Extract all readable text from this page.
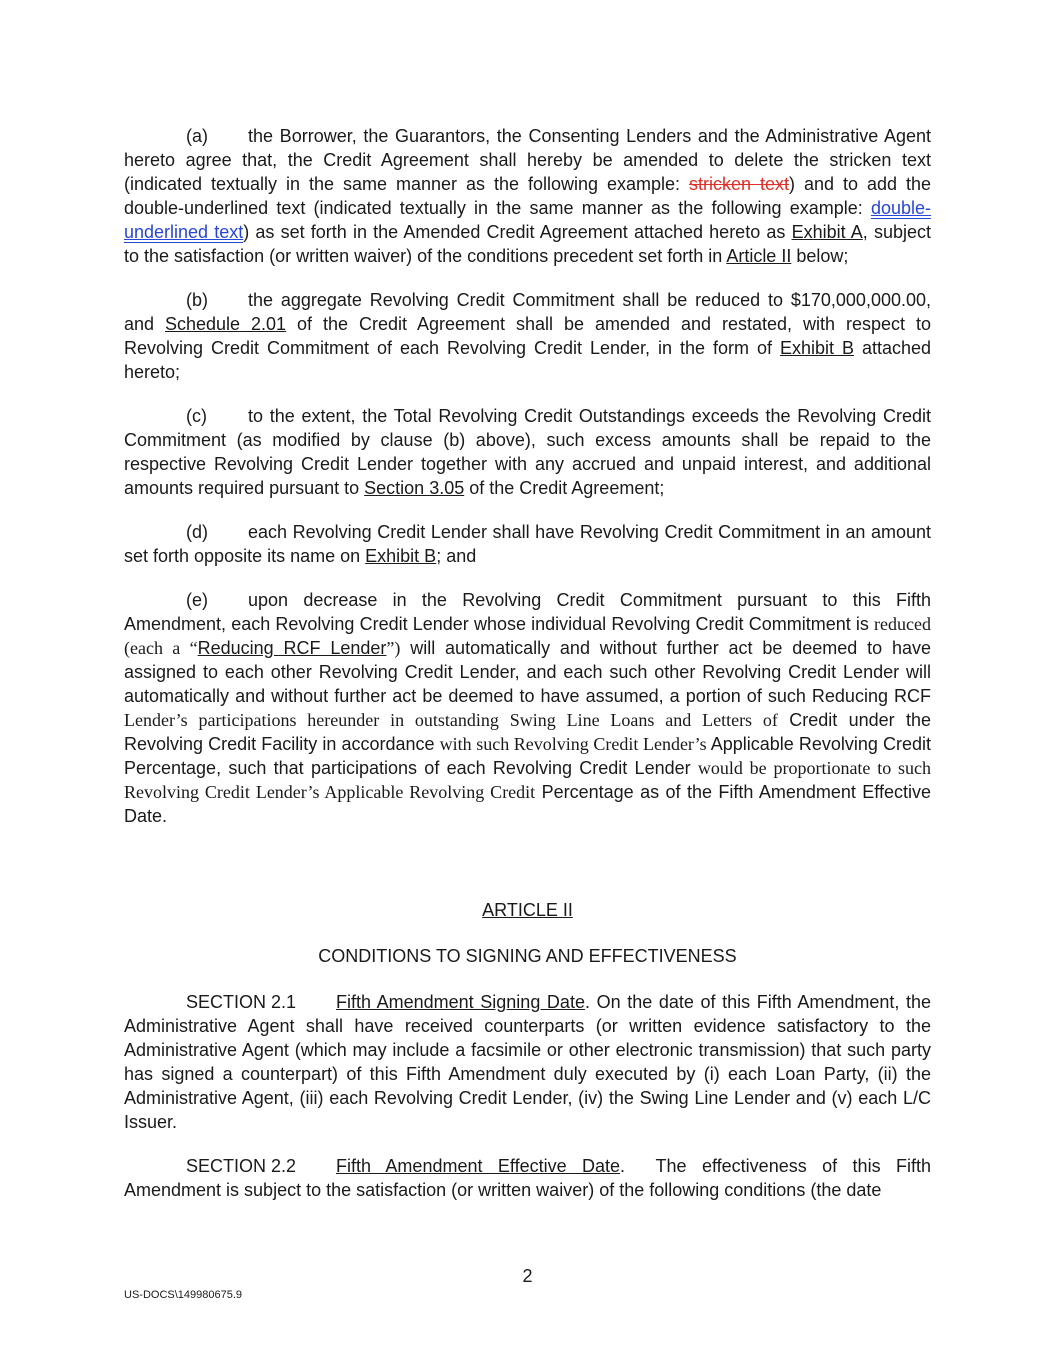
(a) the Borrower, the Guarantors, the Consenting Lenders and the Administrative Agent hereto agree that, the Credit Agreement shall hereby be amended to delete the stricken text (indicated textually in the same manner as the following example: stricken text) and to add the double-underlined text (indicated textually in the same manner as the following example: double-underlined text) as set forth in the Amended Credit Agreement attached hereto as Exhibit A, subject to the satisfaction (or written waiver) of the conditions precedent set forth in Article II below;

(b) the aggregate Revolving Credit Commitment shall be reduced to $170,000,000.00, and Schedule 2.01 of the Credit Agreement shall be amended and restated, with respect to Revolving Credit Commitment of each Revolving Credit Lender, in the form of Exhibit B attached hereto;

(c) to the extent, the Total Revolving Credit Outstandings exceeds the Revolving Credit Commitment (as modified by clause (b) above), such excess amounts shall be repaid to the respective Revolving Credit Lender together with any accrued and unpaid interest, and additional amounts required pursuant to Section 3.05 of the Credit Agreement;

(d) each Revolving Credit Lender shall have Revolving Credit Commitment in an amount set forth opposite its name on Exhibit B; and

(e) upon decrease in the Revolving Credit Commitment pursuant to this Fifth Amendment, each Revolving Credit Lender whose individual Revolving Credit Commitment is reduced (each a “Reducing RCF Lender”) will automatically and without further act be deemed to have assigned to each other Revolving Credit Lender, and each such other Revolving Credit Lender will automatically and without further act be deemed to have assumed, a portion of such Reducing RCF Lender’s participations hereunder in outstanding Swing Line Loans and Letters of Credit under the Revolving Credit Facility in accordance with such Revolving Credit Lender’s Applicable Revolving Credit Percentage, such that participations of each Revolving Credit Lender would be proportionate to such Revolving Credit Lender’s Applicable Revolving Credit Percentage as of the Fifth Amendment Effective Date.

ARTICLE II

CONDITIONS TO SIGNING AND EFFECTIVENESS

SECTION 2.1 Fifth Amendment Signing Date. On the date of this Fifth Amendment, the Administrative Agent shall have received counterparts (or written evidence satisfactory to the Administrative Agent (which may include a facsimile or other electronic transmission) that such party has signed a counterpart) of this Fifth Amendment duly executed by (i) each Loan Party, (ii) the Administrative Agent, (iii) each Revolving Credit Lender, (iv) the Swing Line Lender and (v) each L/C Issuer.

SECTION 2.2 Fifth Amendment Effective Date.  The effectiveness of this Fifth Amendment is subject to the satisfaction (or written waiver) of the following conditions (the date

2
US-DOCS\149980675.9
